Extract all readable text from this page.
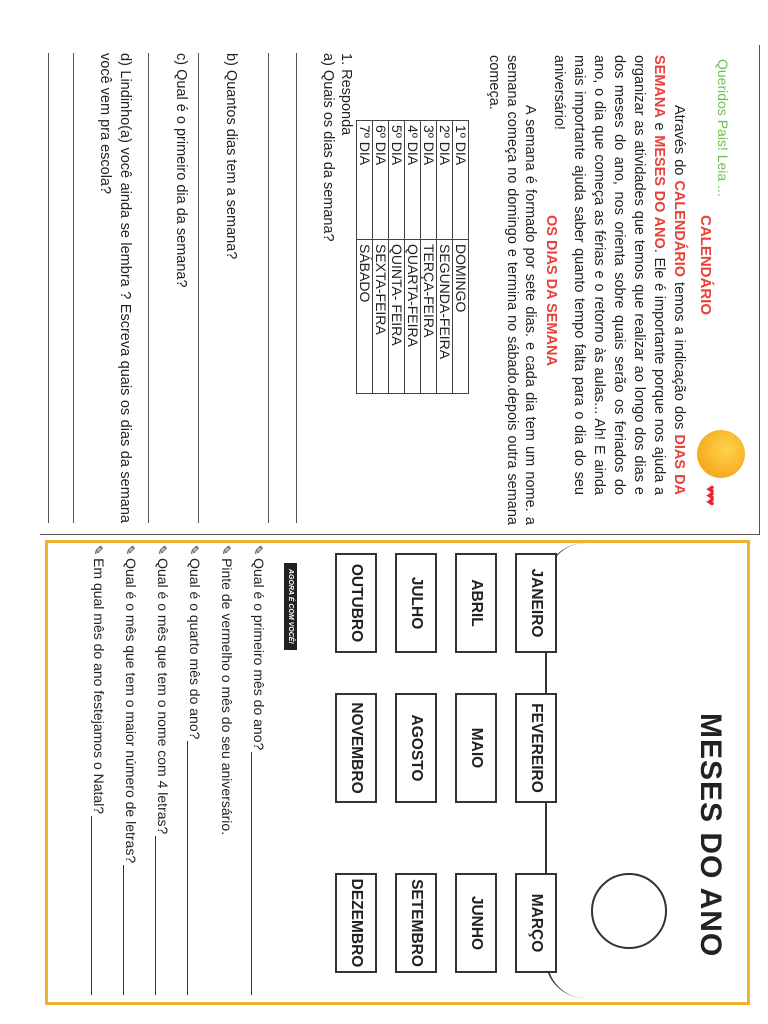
Queridos Pais! Leia ...
♥♥♥
CALENDÁRIO
Através do CALENDÁRIO temos a indicação dos DIAS DA SEMANA e MESES DO ANO. Ele é importante porque nos ajuda a organizar as atividades que temos que realizar ao longo dos dias e dos meses do ano, nos orienta sobre quais serão os feriados do ano, o dia que começa as férias e o retorno às aulas... Ah! E ainda mais importante ajuda saber quanto tempo falta para o dia do seu aniversário!
OS DIAS DA SEMANA
A semana é formado por sete dias. e cada dia tem um nome. a semana começa no domingo e termina no sábado.depois outra semana começa.
1º DIA	DOMINGO
2º DIA	SEGUNDA-FEIRA
3º DIA	TERÇA-FEIRA
4º DIA	QUARTA-FEIRA
5º DIA	QUINTA- FEIRA
6º DIA	SEXTA-FEIRA
7º DIA	SÁBADO
1. Responda
a) Quais os dias da semana?
b) Quantos dias tem a semana?
c) Qual é o primeiro dia da semana?
d) Lindinho(a) você ainda se lembra ? Escreva quais os dias da semana você vem pra escola?
MESES DO ANO
JANEIRO
FEVEREIRO
MARÇO
ABRIL
MAIO
JUNHO
JULHO
AGOSTO
SETEMBRO
OUTUBRO
NOVEMBRO
DEZEMBRO
AGORA É COM VOCÊ!
✎
Qual é o primeiro mês do ano?
✎
Pinte de vermelho o mês do seu aniversário.
✎
Qual é o quarto mês do ano?
✎
Qual é o mês que tem o nome com 4 letras?
✎
Qual é o mês que tem o maior número de letras?
✎
Em qual mês do ano festejamos o Natal?
